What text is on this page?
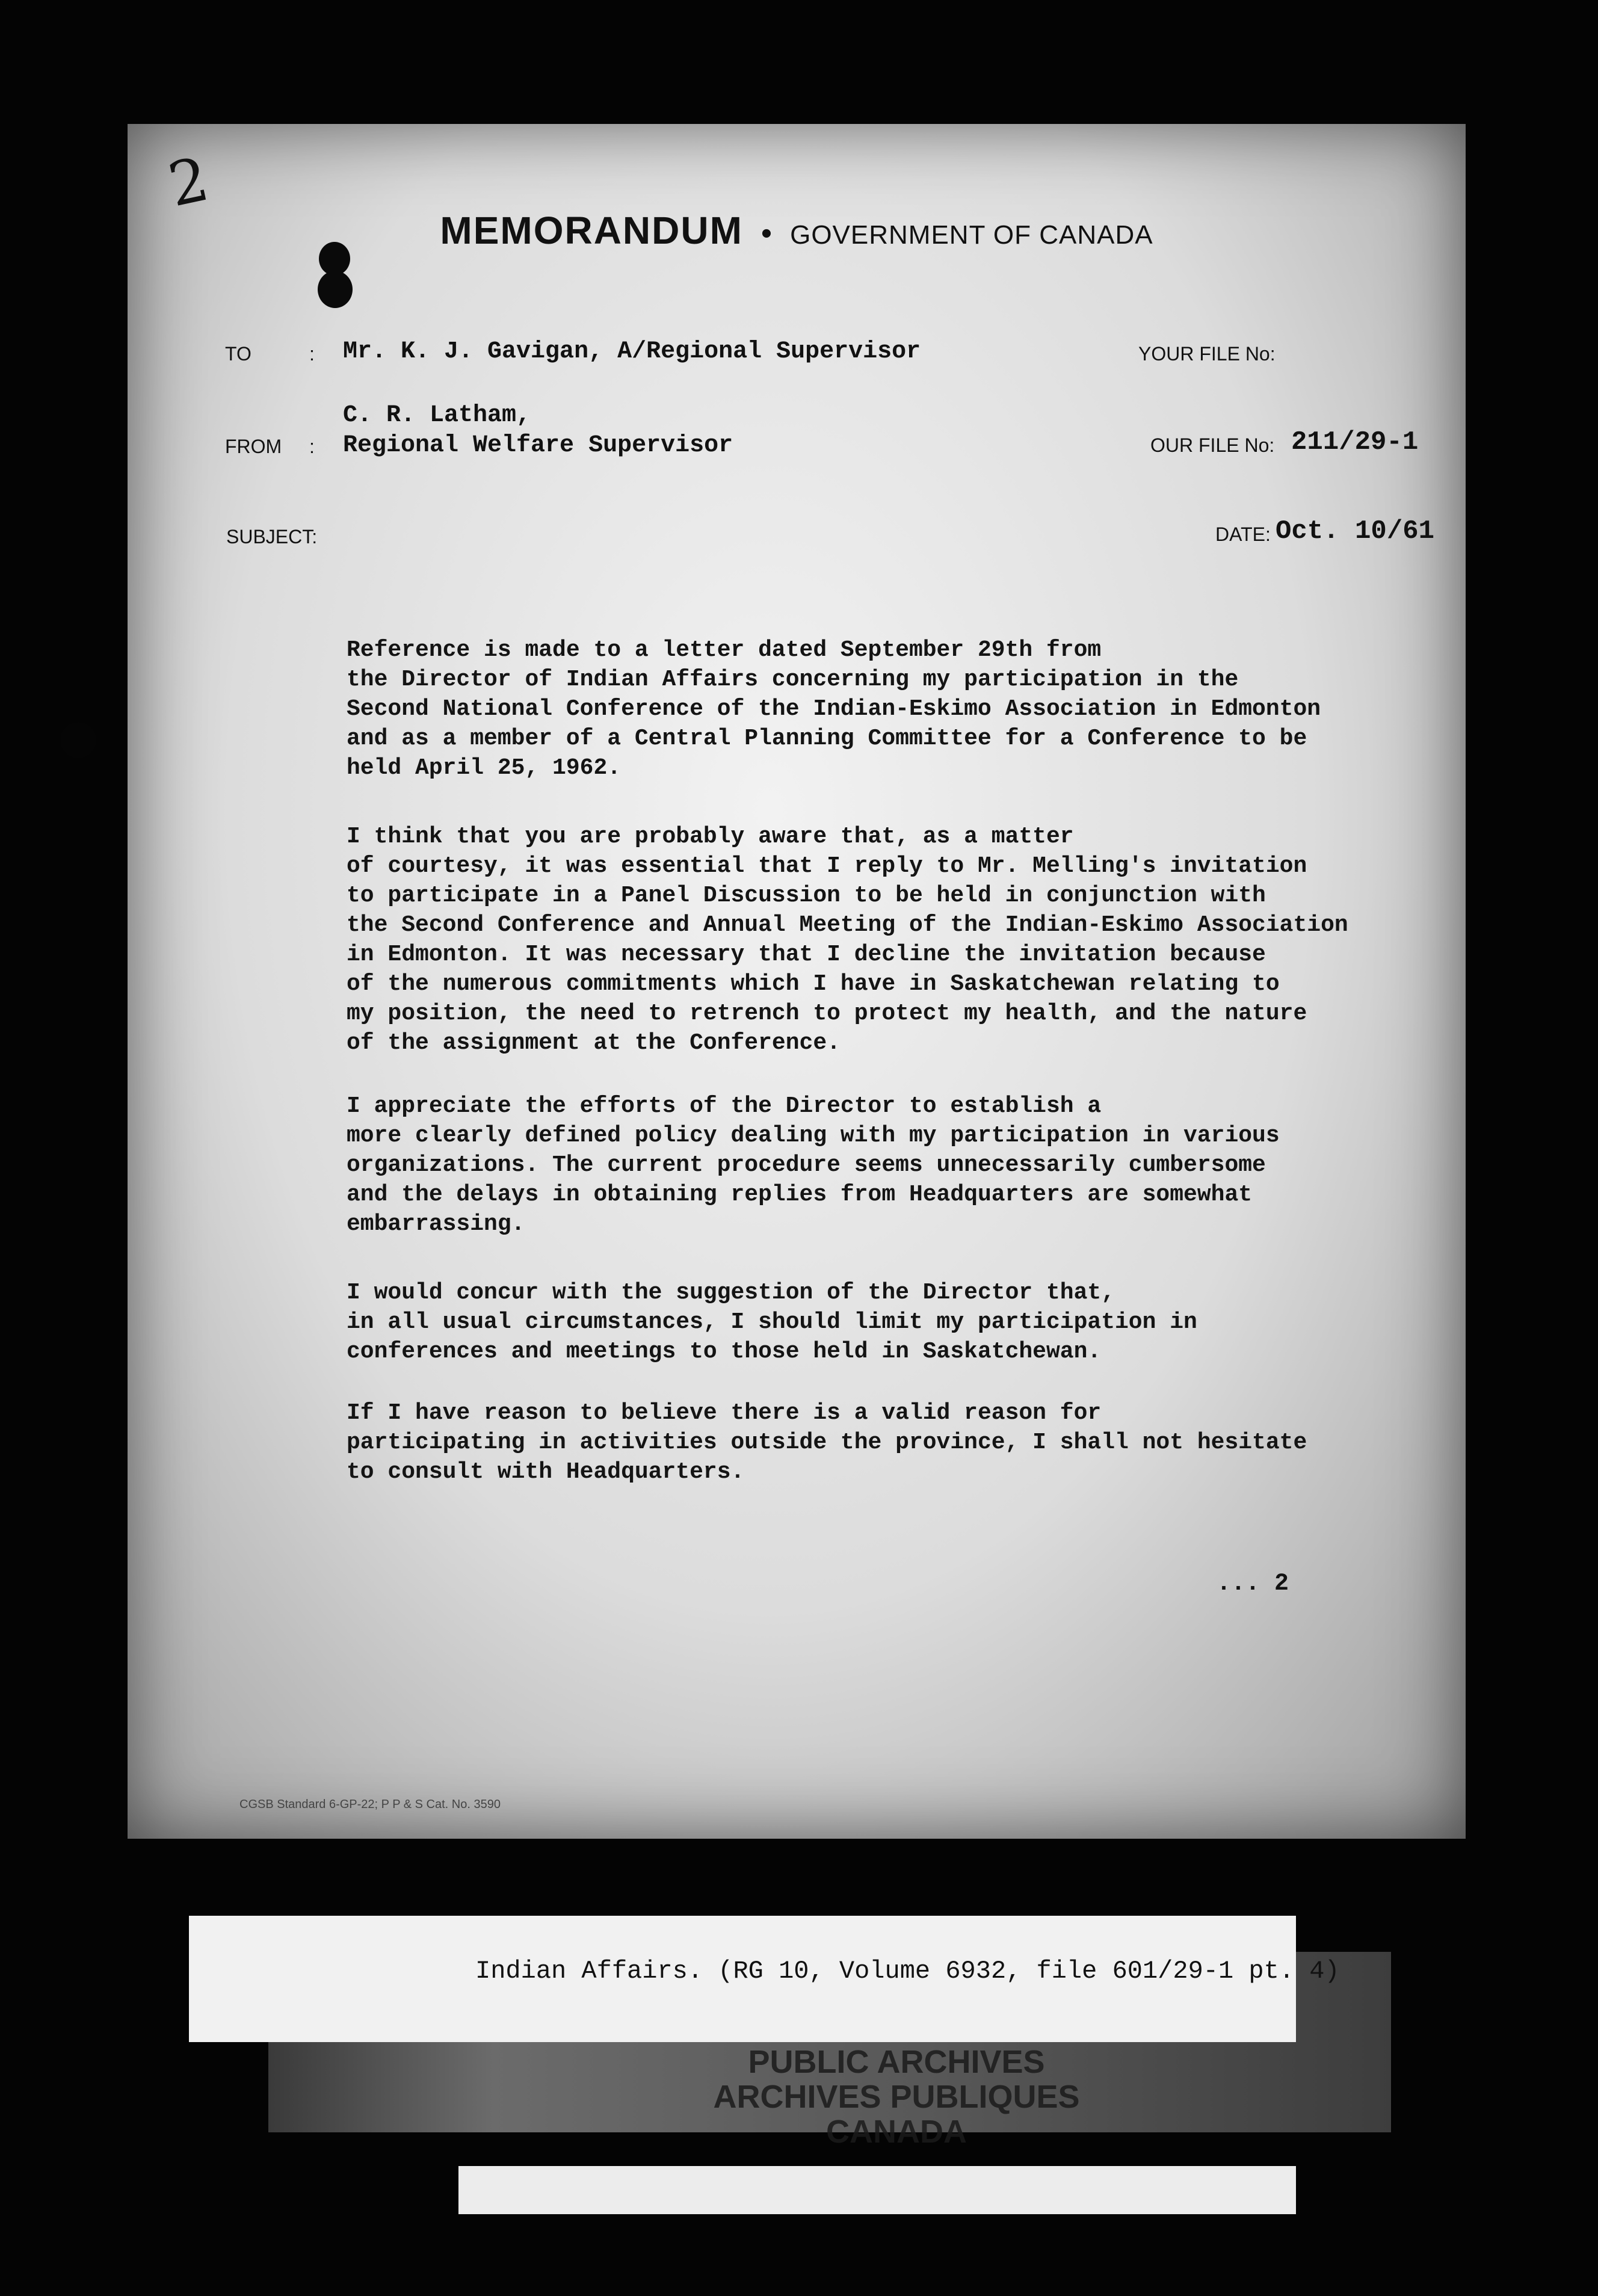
2
MEMORANDUM • GOVERNMENT OF CANADA
TO	: Mr. K. J. Gavigan, A/Regional Supervisor	YOUR FILE No:
C. R. Latham,
FROM : Regional Welfare Supervisor	OUR FILE No: 211/29-1
SUBJECT:	DATE: Oct. 10/61
Reference is made to a letter dated September 29th from
the Director of Indian Affairs concerning my participation in the
Second National Conference of the Indian-Eskimo Association in Edmonton
and as a member of a Central Planning Committee for a Conference to be
held April 25, 1962.
I think that you are probably aware that, as a matter
of courtesy, it was essential that I reply to Mr. Melling's invitation
to participate in a Panel Discussion to be held in conjunction with
the Second Conference and Annual Meeting of the Indian-Eskimo Association
in Edmonton. It was necessary that I decline the invitation because
of the numerous commitments which I have in Saskatchewan relating to
my position, the need to retrench to protect my health, and the nature
of the assignment at the Conference.
I appreciate the efforts of the Director to establish a
more clearly defined policy dealing with my participation in various
organizations. The current procedure seems unnecessarily cumbersome
and the delays in obtaining replies from Headquarters are somewhat
embarrassing.
I would concur with the suggestion of the Director that,
in all usual circumstances, I should limit my participation in
conferences and meetings to those held in Saskatchewan.
If I have reason to believe there is a valid reason for
participating in activities outside the province, I shall not hesitate
to consult with Headquarters.
... 2
CGSB Standard 6-GP-22; P P & S Cat. No. 3590
Indian Affairs. (RG 10, Volume 6932, file 601/29-1 pt. 4)
PUBLIC ARCHIVES
ARCHIVES PUBLIQUES
CANADA
